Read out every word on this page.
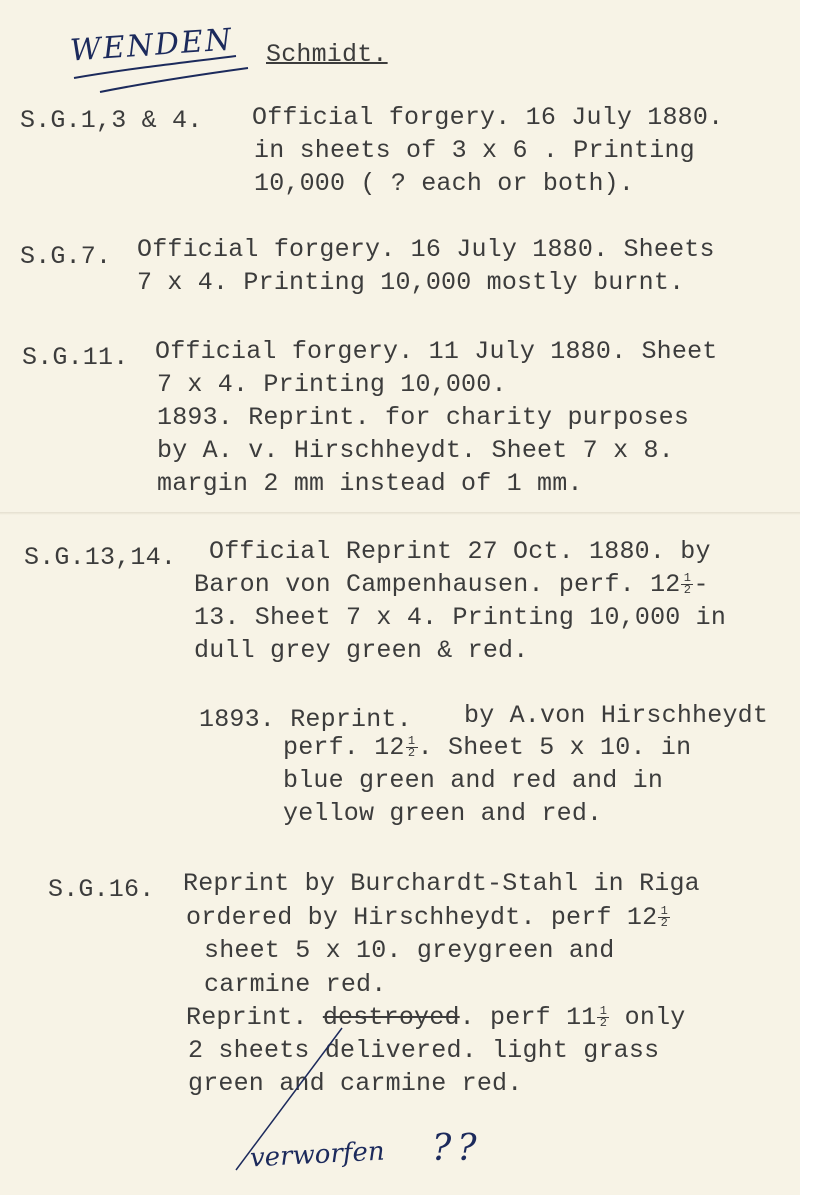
WENDEN Schmidt.
S.G.1,3 & 4. Official forgery. 16 July 1880.
in sheets of 3 x 6 . Printing
10,000 ( ? each or both).
S.G.7. Official forgery. 16 July 1880. Sheets
7 x 4. Printing 10,000 mostly burnt.
S.G.11. Official forgery. 11 July 1880. Sheet
7 x 4. Printing 10,000.
1893. Reprint. for charity purposes
by A. v. Hirschheydt. Sheet 7 x 8.
margin 2 mm instead of 1 mm.
S.G.13,14. Official Reprint 27 Oct. 1880. by
Baron von Campenhausen. perf. $12 \frac{1}{2}$ -
13. Sheet 7 x 4. Printing 10,000 in
dull grey green & red.
1893. Reprint. by A.von Hirschheydt
perf. $12 \frac{1}{2}$ . Sheet 5 x 10. in
blue green and red and in
yellow green and red.
S.G.16. Reprint by Burchardt-Stahl in Riga
ordered by Hirschheydt. perf $12 \frac{1}{2}$
sheet 5 x 10. greygreen and
carmine red.
Reprint. destroyed. perf $11 \frac{1}{2}$ only
2 sheets delivered. light grass
green and carmine red.
verworfen ??
